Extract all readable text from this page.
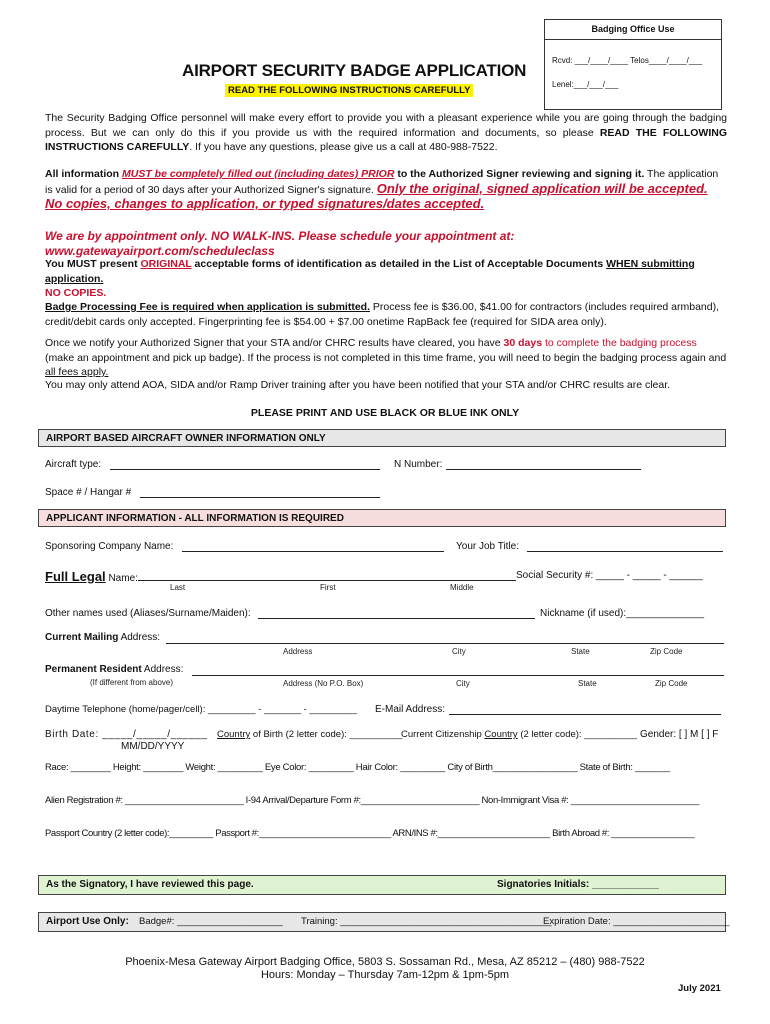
Badging Office Use
Rcvd: ___/____/____ Telos____/____/___
Lenel:___/___/___
AIRPORT SECURITY BADGE APPLICATION
READ THE FOLLOWING INSTRUCTIONS CAREFULLY
The Security Badging Office personnel will make every effort to provide you with a pleasant experience while you are going through the badging process. But we can only do this if you provide us with the required information and documents, so please READ THE FOLLOWING INSTRUCTIONS CAREFULLY. If you have any questions, please give us a call at 480-988-7522.
All information MUST be completely filled out (including dates) PRIOR to the Authorized Signer reviewing and signing it. The application is valid for a period of 30 days after your Authorized Signer's signature. Only the original, signed application will be accepted. No copies, changes to application, or typed signatures/dates accepted.
We are by appointment only. NO WALK-INS. Please schedule your appointment at: www.gatewayairport.com/scheduleclass
You MUST present ORIGINAL acceptable forms of identification as detailed in the List of Acceptable Documents WHEN submitting application.
NO COPIES.
Badge Processing Fee is required when application is submitted. Process fee is $36.00, $41.00 for contractors (includes required armband), credit/debit cards only accepted. Fingerprinting fee is $54.00 + $7.00 onetime RapBack fee (required for SIDA area only).
Once we notify your Authorized Signer that your STA and/or CHRC results have cleared, you have 30 days to complete the badging process (make an appointment and pick up badge). If the process is not completed in this time frame, you will need to begin the badging process again and all fees apply.
You may only attend AOA, SIDA and/or Ramp Driver training after you have been notified that your STA and/or CHRC results are clear.
PLEASE PRINT AND USE BLACK OR BLUE INK ONLY
AIRPORT BASED AIRCRAFT OWNER INFORMATION ONLY
Aircraft type:	N Number:
Space # / Hangar #
APPLICANT INFORMATION - ALL INFORMATION IS REQUIRED
Sponsoring Company Name:	Your Job Title:
Full Legal Name:	Social Security #: _____ - _____ - ______
Last	First	Middle
Other names used (Aliases/Surname/Maiden):	Nickname (if used):______________
Current Mailing Address:
Address	City	State	Zip Code
Permanent Resident Address:
(If different from above)	Address (No P.O. Box)	City	State	Zip Code
Daytime Telephone (home/pager/cell): _________ - _______ - _________ E-Mail Address:
Birth Date: _____/_____/______
MM/DD/YYYY
Country of Birth (2 letter code): __________
Current Citizenship Country (2 letter code): __________ Gender: [ ] M [ ] F
Race: ________ Height: ________ Weight: _________ Eye Color: _________ Hair Color: _________ City of Birth_________________ State of Birth: _______
Alien Registration #: ________________________ I-94 Arrival/Departure Form #:________________________ Non-Immigrant Visa #: __________________________
Passport Country (2 letter code):_________ Passport #:___________________________ ARN/INS #:_______________________ Birth Abroad #: _________________
As the Signatory, I have reviewed this page.	Signatories Initials: ____________
Airport Use Only: Badge#: ____________________ Training: ________________________________________
Expiration Date: ______________________
Phoenix-Mesa Gateway Airport Badging Office, 5803 S. Sossaman Rd., Mesa, AZ 85212 – (480) 988-7522
Hours: Monday – Thursday 7am-12pm & 1pm-5pm
July 2021
